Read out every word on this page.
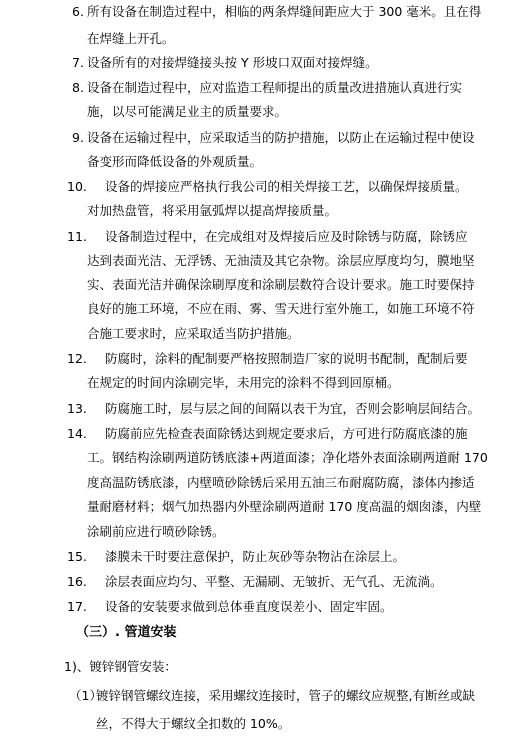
6. 所有设备在制造过程中，相临的两条焊缝间距应大于 300 毫米。且在得
在焊缝上开孔。
7. 设备所有的对接焊缝接头按 Y 形坡口双面对接焊缝。
8. 设备在制造过程中，应对监造工程师提出的质量改进措施认真进行实
施，以尽可能满足业主的质量要求。
9. 设备在运输过程中，应采取适当的防护措施，以防止在运输过程中使设
备变形而降低设备的外观质量。
10. 设备的焊接应严格执行我公司的相关焊接工艺，以确保焊接质量。
对加热盘管，将采用氩弧焊以提高焊接质量。
11. 设备制造过程中，在完成组对及焊接后应及时除锈与防腐，除锈应
达到表面光洁、无浮锈、无油渍及其它杂物。涂层应厚度均匀，膜地坚
实、表面光洁并确保涂刷厚度和涂刷层数符合设计要求。施工时要保持
良好的施工环境，不应在雨、雾、雪天进行室外施工，如施工环境不符
合施工要求时，应采取适当防护措施。
12. 防腐时，涂料的配制要严格按照制造厂家的说明书配制，配制后要
在规定的时间内涂刷完毕，未用完的涂料不得到回原桶。
13. 防腐施工时，层与层之间的间隔以表干为宜，否则会影响层间结合。
14. 防腐前应先检查表面除锈达到规定要求后，方可进行防腐底漆的施
工。钢结构涂刷两道防锈底漆+两道面漆；净化塔外表面涂刷两道耐 170
度高温防锈底漆，内壁喷砂除锈后采用五油三布耐腐防腐，漆体内掺适
量耐磨材料；烟气加热器内外壁涂刷两道耐 170 度高温的烟囱漆，内壁
涂刷前应进行喷砂除锈。
15. 漆膜未干时要注意保护，防止灰砂等杂物沾在涂层上。
16. 涂层表面应均匀、平整、无漏刷、无皱折、无气孔、无流淌。
17. 设备的安装要求做到总体垂直度误差小、固定牢固。
（三）. 管道安装
1)、镀锌钢管安装：
（1）
镀锌钢管螺纹连接，采用螺纹连接时，管子的螺纹应规整,有断丝或缺
丝，不得大于螺纹全扣数的 10%。
